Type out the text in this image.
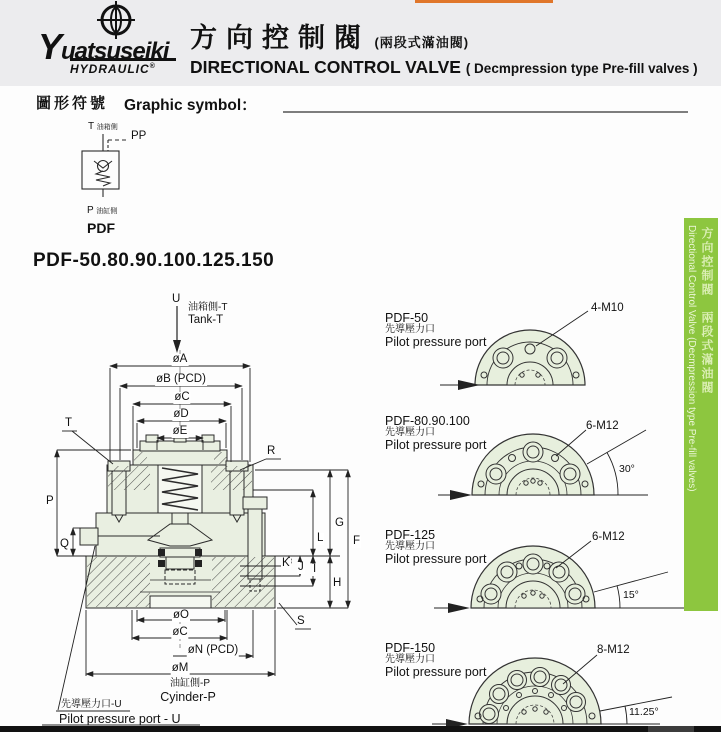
Yuatsuseiki
HYDRAULIC®
方向控制閥 (兩段式滿油閥)
DIRECTIONAL CONTROL VALVE ( Decmpression type Pre-fill valves )
圖形符號 Graphic symbol：
PDF-50.80.90.100.125.150
T 油箱側
PP
P 油缸側
PDF
U
油箱側-T
Tank-T
øA
øB (PCD)
øC
øD
øE
T
P
Q
R
G
L	F
K J I
H
S
øO
øC
øN (PCD)
øM
油缸側-P
Cyinder-P
先導壓力口-U
Pilot pressure port - U
PDF-50
先導壓力口
Pilot pressure port
4-M10
PDF-80.90.100
先導壓力口
Pilot pressure port
6-M12
30°
PDF-125
先導壓力口
Pilot pressure port
6-M12
15°
PDF-150
先導壓力口
Pilot pressure port
8-M12
11.25°
方向控制閥　兩段式滿油閥
Directional Control Valve (Decmpression type Pre-fill valves)
